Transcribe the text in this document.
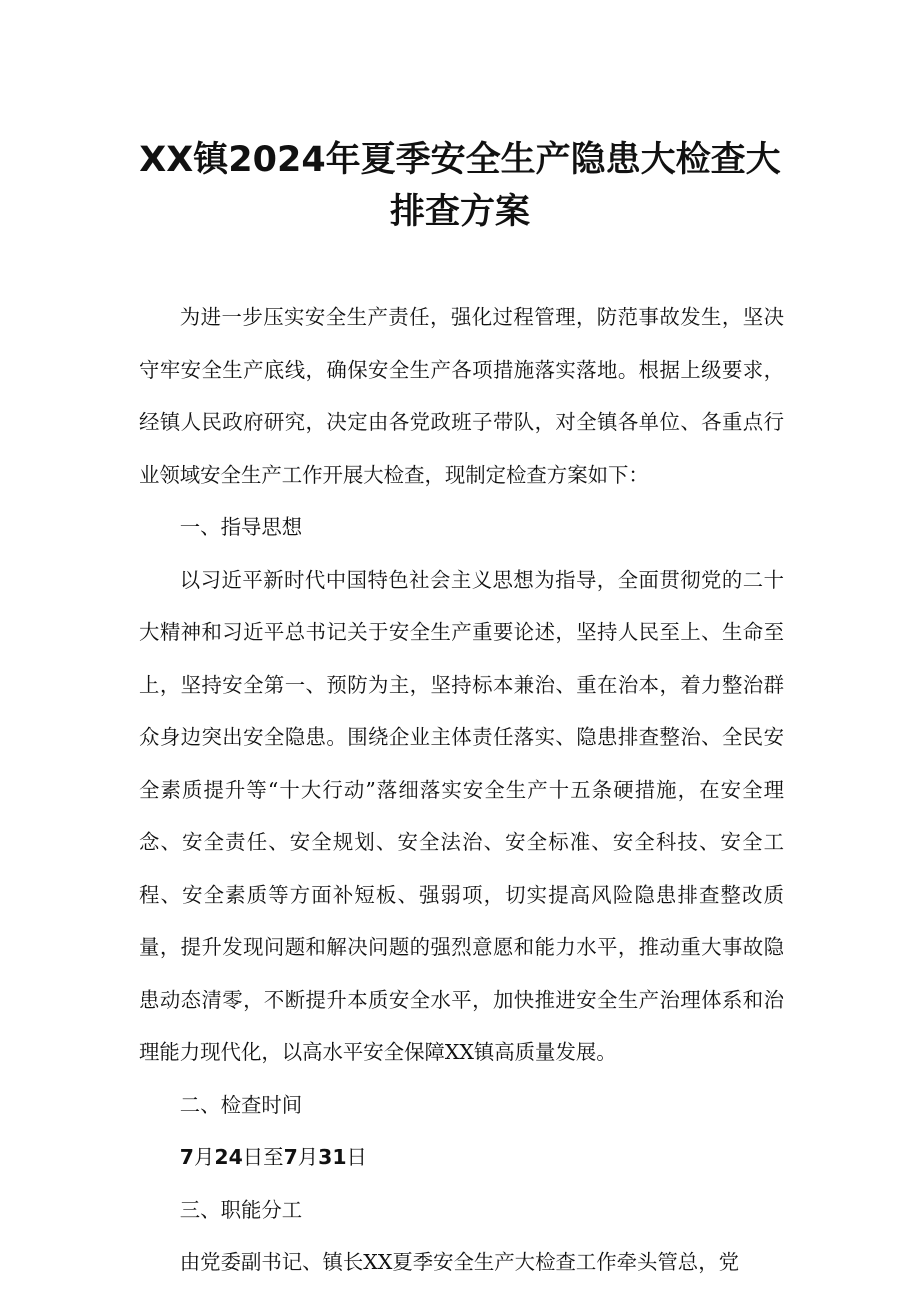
XX镇2024年夏季安全生产隐患大检查大
排查方案

为进一步压实安全生产责任，强化过程管理，防范事故发生，坚决守牢安全生产底线，确保安全生产各项措施落实落地。根据上级要求，经镇人民政府研究，决定由各党政班子带队，对全镇各单位、各重点行业领域安全生产工作开展大检查，现制定检查方案如下：

一、指导思想

以习近平新时代中国特色社会主义思想为指导，全面贯彻党的二十大精神和习近平总书记关于安全生产重要论述，坚持人民至上、生命至上，坚持安全第一、预防为主，坚持标本兼治、重在治本，着力整治群众身边突出安全隐患。围绕企业主体责任落实、隐患排查整治、全民安全素质提升等“十大行动”落细落实安全生产十五条硬措施，在安全理念、安全责任、安全规划、安全法治、安全标准、安全科技、安全工程、安全素质等方面补短板、强弱项，切实提高风险隐患排查整改质量，提升发现问题和解决问题的强烈意愿和能力水平，推动重大事故隐患动态清零，不断提升本质安全水平，加快推进安全生产治理体系和治理能力现代化，以高水平安全保障XX镇高质量发展。

二、检查时间

7月24日至7月31日

三、职能分工

由党委副书记、镇长XX夏季安全生产大检查工作牵头管总，党
